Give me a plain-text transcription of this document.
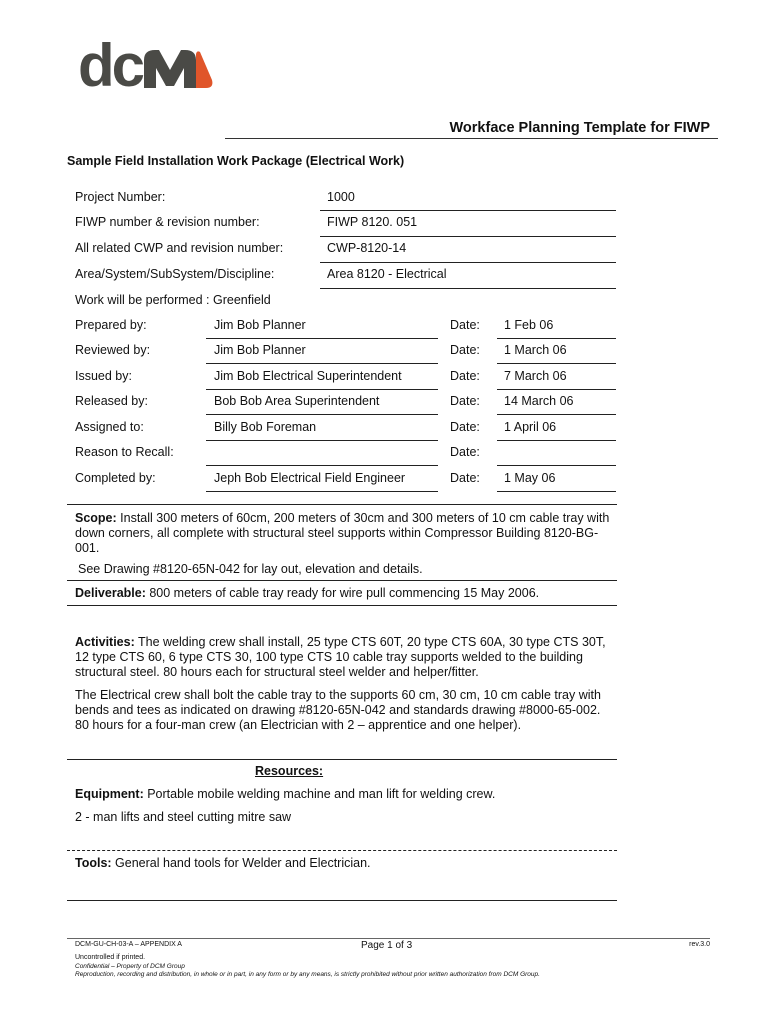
dc
Workface Planning Template for FIWP
Sample Field Installation Work Package (Electrical Work)
Project Number:	1000
FIWP number & revision number:	FIWP 8120. 051
All related CWP and revision number:	CWP-8120-14
Area/System/SubSystem/Discipline:	Area 8120 - Electrical
Work will be performed : Greenfield
Prepared by:	Jim Bob Planner	Date: 1 Feb 06
Reviewed by:	Jim Bob Planner	Date: 1 March 06
Issued by:	Jim Bob Electrical Superintendent	Date: 7 March 06
Released by:	Bob Bob Area Superintendent	Date: 14 March 06
Assigned to:	Billy Bob Foreman	Date: 1 April 06
Reason to Recall:	Date:
Completed by:	Jeph Bob Electrical Field Engineer	Date: 1 May 06
Scope: Install 300 meters of 60cm, 200 meters of 30cm and 300 meters of 10 cm cable tray with down corners, all complete with structural steel supports within Compressor Building 8120-BG-001.
See Drawing #8120-65N-042 for lay out, elevation and details.
Deliverable: 800 meters of cable tray ready for wire pull commencing 15 May 2006.
Activities: The welding crew shall install, 25 type CTS 60T, 20 type CTS 60A, 30 type CTS 30T, 12 type CTS 60, 6 type CTS 30, 100 type CTS 10 cable tray supports welded to the building structural steel. 80 hours each for structural steel welder and helper/fitter.
The Electrical crew shall bolt the cable tray to the supports 60 cm, 30 cm, 10 cm cable tray with bends and tees as indicated on drawing #8120-65N-042 and standards drawing #8000-65-002. 80 hours for a four-man crew (an Electrician with 2 – apprentice and one helper).
Resources:
Equipment: Portable mobile welding machine and man lift for welding crew.
2 - man lifts and steel cutting mitre saw
Tools: General hand tools for Welder and Electrician.
DCM-GU-CH-03-A – APPENDIX A	Page 1 of 3	rev.3.0
Uncontrolled if printed.
Confidential – Property of DCM Group
Reproduction, recording and distribution, in whole or in part, in any form or by any means, is strictly prohibited without prior written authorization from DCM Group.
